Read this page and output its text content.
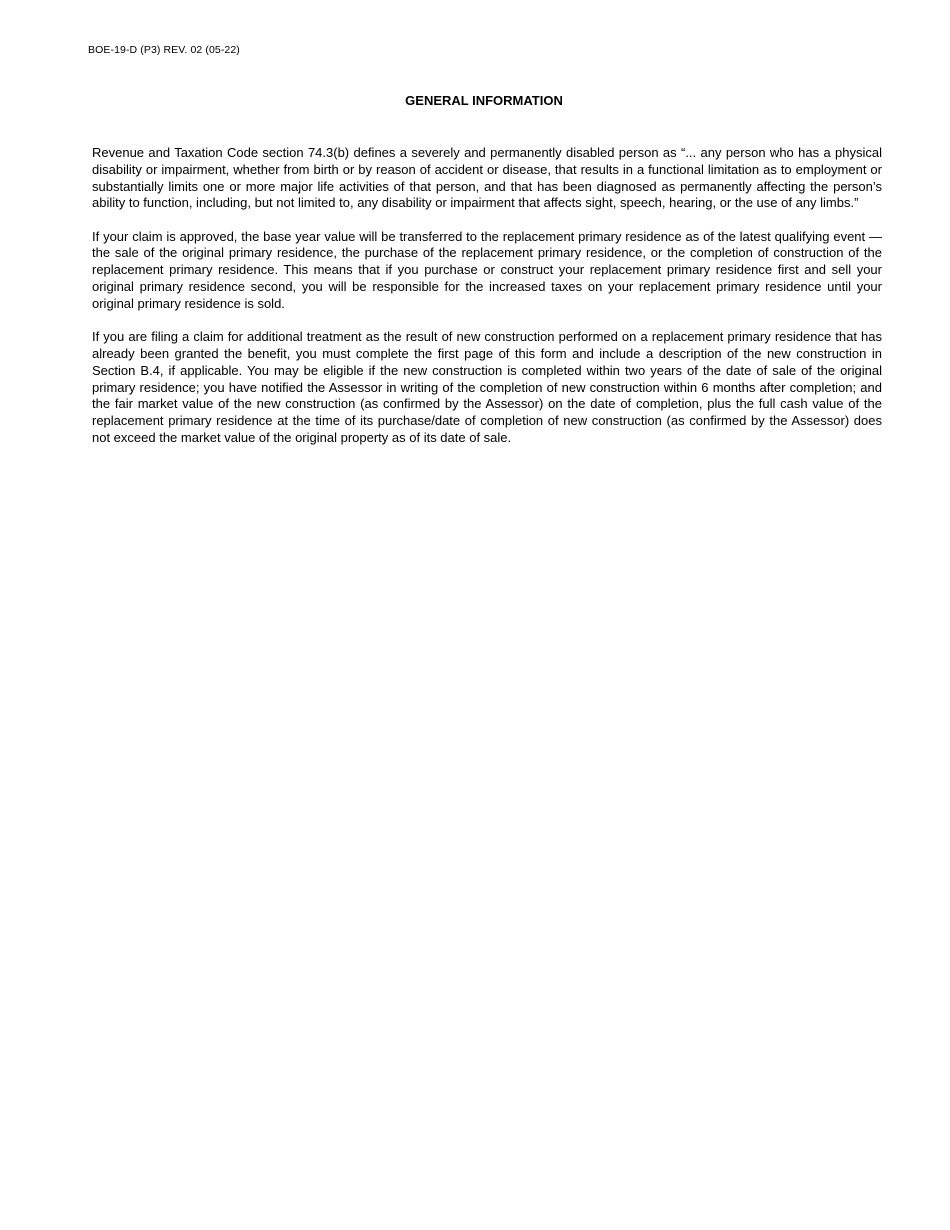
BOE-19-D (P3) REV. 02 (05-22)
GENERAL INFORMATION

Revenue and Taxation Code section 74.3(b) defines a severely and permanently disabled person as “... any person who has a physical disability or impairment, whether from birth or by reason of accident or disease, that results in a functional limitation as to employment or substantially limits one or more major life activities of that person, and that has been diagnosed as permanently affecting the person’s ability to function, including, but not limited to, any disability or impairment that affects sight, speech, hearing, or the use of any limbs.”

If your claim is approved, the base year value will be transferred to the replacement primary residence as of the latest qualifying event — the sale of the original primary residence, the purchase of the replacement primary residence, or the completion of construction of the replacement primary residence. This means that if you purchase or construct your replacement primary residence first and sell your original primary residence second, you will be responsible for the increased taxes on your replacement primary residence until your original primary residence is sold.

If you are filing a claim for additional treatment as the result of new construction performed on a replacement primary residence that has already been granted the benefit, you must complete the first page of this form and include a description of the new construction in Section B.4, if applicable. You may be eligible if the new construction is completed within two years of the date of sale of the original primary residence; you have notified the Assessor in writing of the completion of new construction within 6 months after completion; and the fair market value of the new construction (as confirmed by the Assessor) on the date of completion, plus the full cash value of the replacement primary residence at the time of its purchase/date of completion of new construction (as confirmed by the Assessor) does not exceed the market value of the original property as of its date of sale.
